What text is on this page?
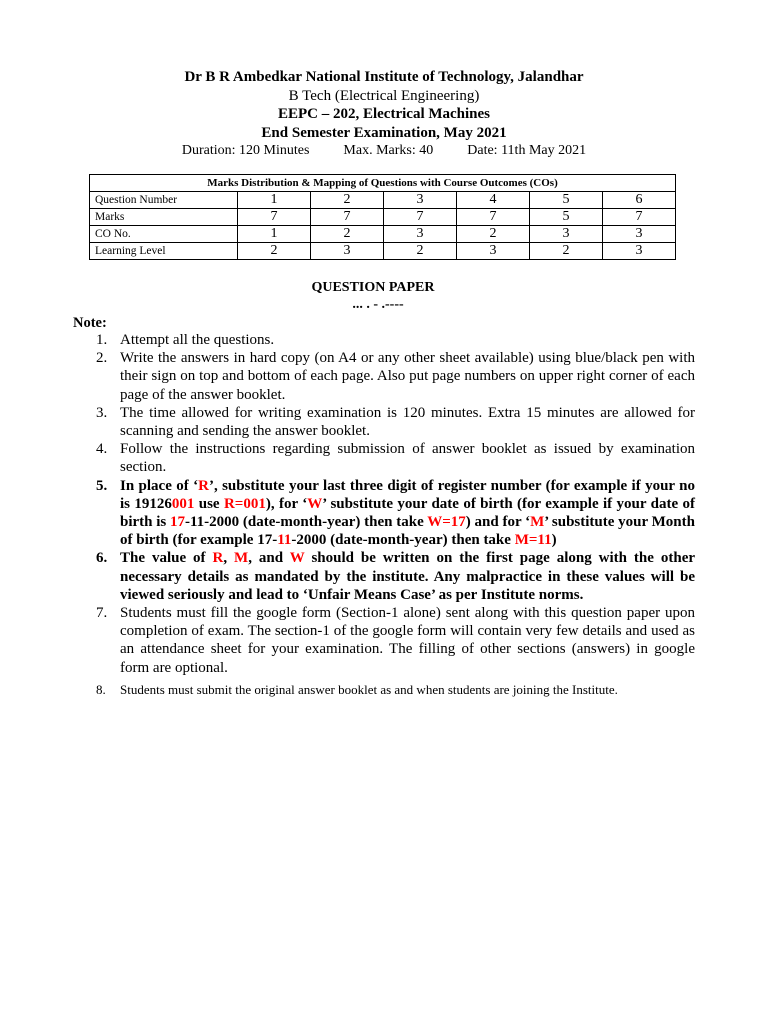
Dr B R Ambedkar National Institute of Technology, Jalandhar
B Tech (Electrical Engineering)
EEPC – 202, Electrical Machines
End Semester Examination, May 2021
Duration: 120 Minutes Max. Marks: 40 Date: 11th May 2021
Marks Distribution & Mapping of Questions with Course Outcomes (COs)						
Question Number	1	2	3	4	5	6
Marks	7	7	7	7	5	7
CO No.	1	2	3	2	3	3
Learning Level	2	3	2	3	2	3
QUESTION PAPER
... . - .----
Note:
1. Attempt all the questions.
2. Write the answers in hard copy (on A4 or any other sheet available) using blue/black pen with their sign on top and bottom of each page. Also put page numbers on upper right corner of each page of the answer booklet.
3. The time allowed for writing examination is 120 minutes. Extra 15 minutes are allowed for scanning and sending the answer booklet.
4. Follow the instructions regarding submission of answer booklet as issued by examination section.
5. In place of ‘R’, substitute your last three digit of register number (for example if your no is 19126001 use R=001), for ‘W’ substitute your date of birth (for example if your date of birth is 17-11-2000 (date-month-year) then take W=17) and for ‘M’ substitute your Month of birth (for example 17-11-2000 (date-month-year) then take M=11)
6. The value of R, M, and W should be written on the first page along with the other necessary details as mandated by the institute. Any malpractice in these values will be viewed seriously and lead to ‘Unfair Means Case’ as per Institute norms.
7. Students must fill the google form (Section-1 alone) sent along with this question paper upon completion of exam. The section-1 of the google form will contain very few details and used as an attendance sheet for your examination. The filling of other sections (answers) in google form are optional.
8. Students must submit the original answer booklet as and when students are joining the Institute.
